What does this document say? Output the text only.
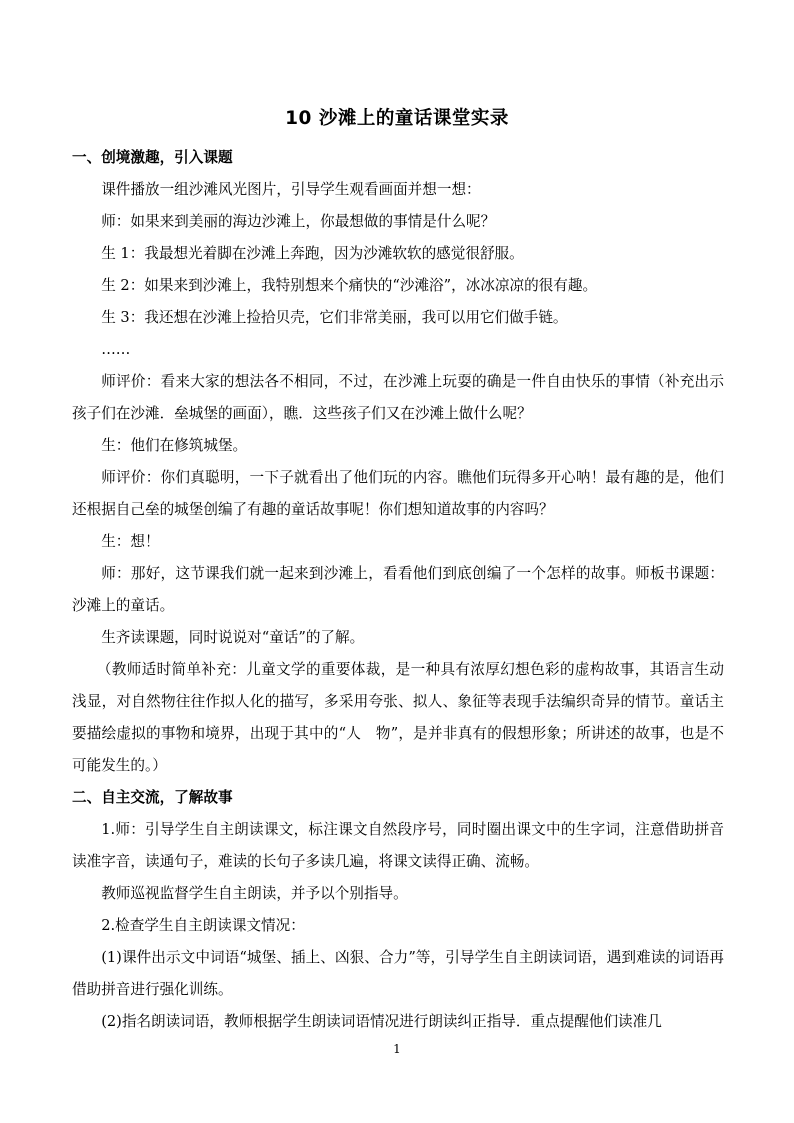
10 沙滩上的童话课堂实录

一、创境激趣，引入课题

课件播放一组沙滩风光图片，引导学生观看画面并想一想：

师：如果来到美丽的海边沙滩上，你最想做的事情是什么呢？

生 1：我最想光着脚在沙滩上奔跑，因为沙滩软软的感觉很舒服。

生 2：如果来到沙滩上，我特别想来个痛快的“沙滩浴”，冰冰凉凉的很有趣。

生 3：我还想在沙滩上捡拾贝壳，它们非常美丽，我可以用它们做手链。

……

师评价：看来大家的想法各不相同，不过，在沙滩上玩耍的确是一件自由快乐的事情（补充出示孩子们在沙滩．垒城堡的画面），瞧．这些孩子们又在沙滩上做什么呢？

生：他们在修筑城堡。

师评价：你们真聪明，一下子就看出了他们玩的内容。瞧他们玩得多开心呐！最有趣的是，他们还根据自己垒的城堡创编了有趣的童话故事呢！你们想知道故事的内容吗？

生：想！

师：那好，这节课我们就一起来到沙滩上，看看他们到底创编了一个怎样的故事。师板书课题：沙滩上的童话。

生齐读课题，同时说说对“童话”的了解。

（教师适时简单补充：儿童文学的重要体裁，是一种具有浓厚幻想色彩的虚构故事，其语言生动浅显，对自然物往往作拟人化的描写，多采用夸张、拟人、象征等表现手法编织奇异的情节。童话主要描绘虚拟的事物和境界，出现于其中的“人　物”，是并非真有的假想形象；所讲述的故事，也是不可能发生的。）

二、自主交流，了解故事

1.师：引导学生自主朗读课文，标注课文自然段序号，同时圈出课文中的生字词，注意借助拼音读准字音，读通句子，难读的长句子多读几遍，将课文读得正确、流畅。

教师巡视监督学生自主朗读，并予以个别指导。

2.检查学生自主朗读课文情况：

(1)课件出示文中词语“城堡、插上、凶狠、合力”等，引导学生自主朗读词语，遇到难读的词语再借助拼音进行强化训练。

(2)指名朗读词语，教师根据学生朗读词语情况进行朗读纠正指导．重点提醒他们读准几

1
